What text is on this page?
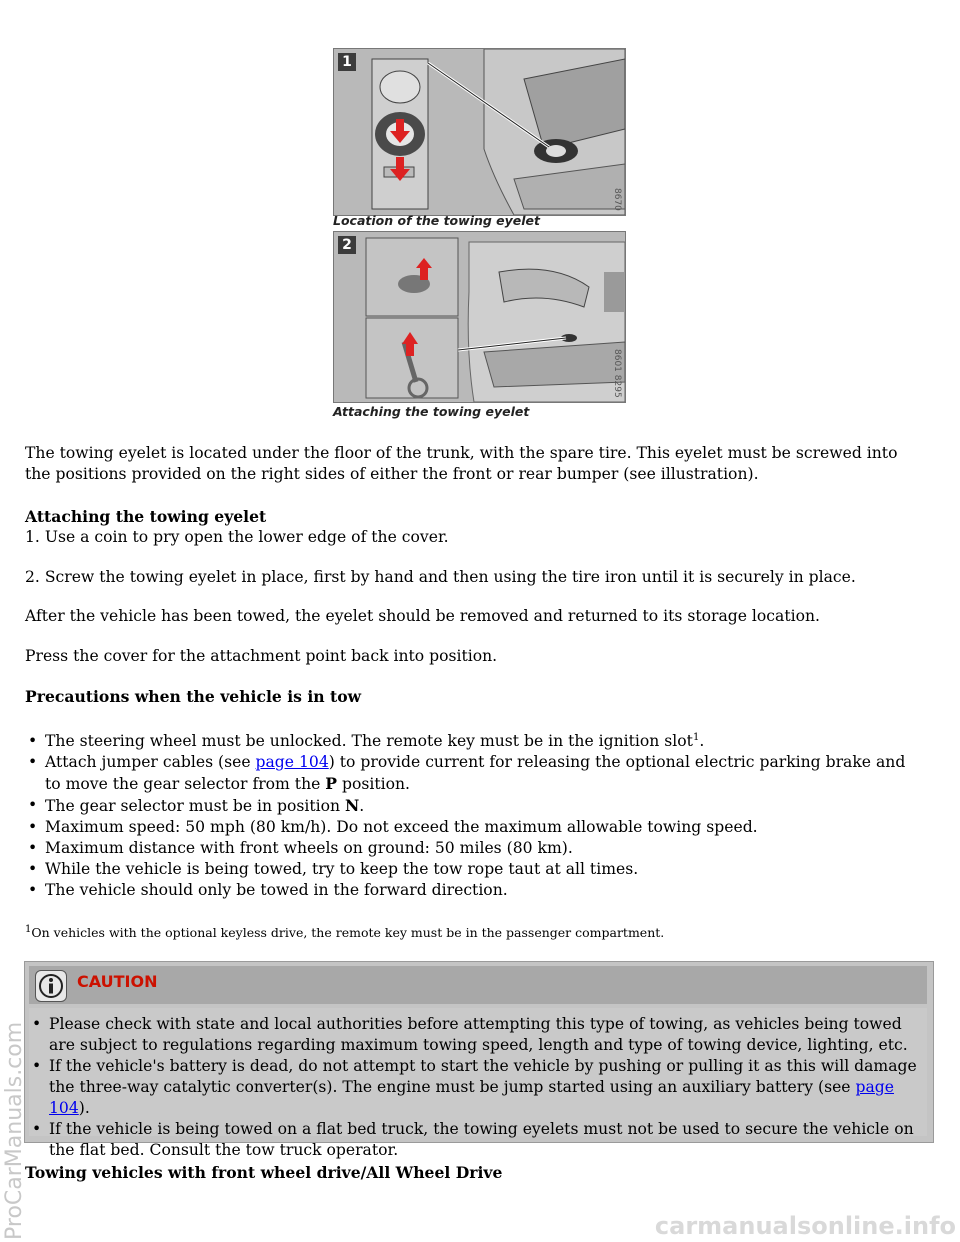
1
8670
Location of the towing eyelet
2
8601 8295
Attaching the towing eyelet

The towing eyelet is located under the floor of the trunk, with the spare tire. This eyelet must be screwed into the positions provided on the right sides of either the front or rear bumper (see illustration).

Attaching the towing eyelet

1. Use a coin to pry open the lower edge of the cover.

2. Screw the towing eyelet in place, first by hand and then using the tire iron until it is securely in place.

After the vehicle has been towed, the eyelet should be removed and returned to its storage location.

Press the cover for the attachment point back into position.

Precautions when the vehicle is in tow

• The steering wheel must be unlocked. The remote key must be in the ignition slot$^1$.
• Attach jumper cables (see page 104) to provide current for releasing the optional electric parking brake and to move the gear selector from the P position.
• The gear selector must be in position N.
• Maximum speed: 50 mph (80 km/h). Do not exceed the maximum allowable towing speed.
• Maximum distance with front wheels on ground: 50 miles (80 km).
• While the vehicle is being towed, try to keep the tow rope taut at all times.
• The vehicle should only be towed in the forward direction.

$^1$On vehicles with the optional keyless drive, the remote key must be in the passenger compartment.

CAUTION
• Please check with state and local authorities before attempting this type of towing, as vehicles being towed are subject to regulations regarding maximum towing speed, length and type of towing device, lighting, etc.
• If the vehicle's battery is dead, do not attempt to start the vehicle by pushing or pulling it as this will damage the three-way catalytic converter(s). The engine must be jump started using an auxiliary battery (see page 104).
• If the vehicle is being towed on a flat bed truck, the towing eyelets must not be used to secure the vehicle on the flat bed. Consult the tow truck operator.

Towing vehicles with front wheel drive/All Wheel Drive

ProCarManuals.com	carmanualsonline.info
